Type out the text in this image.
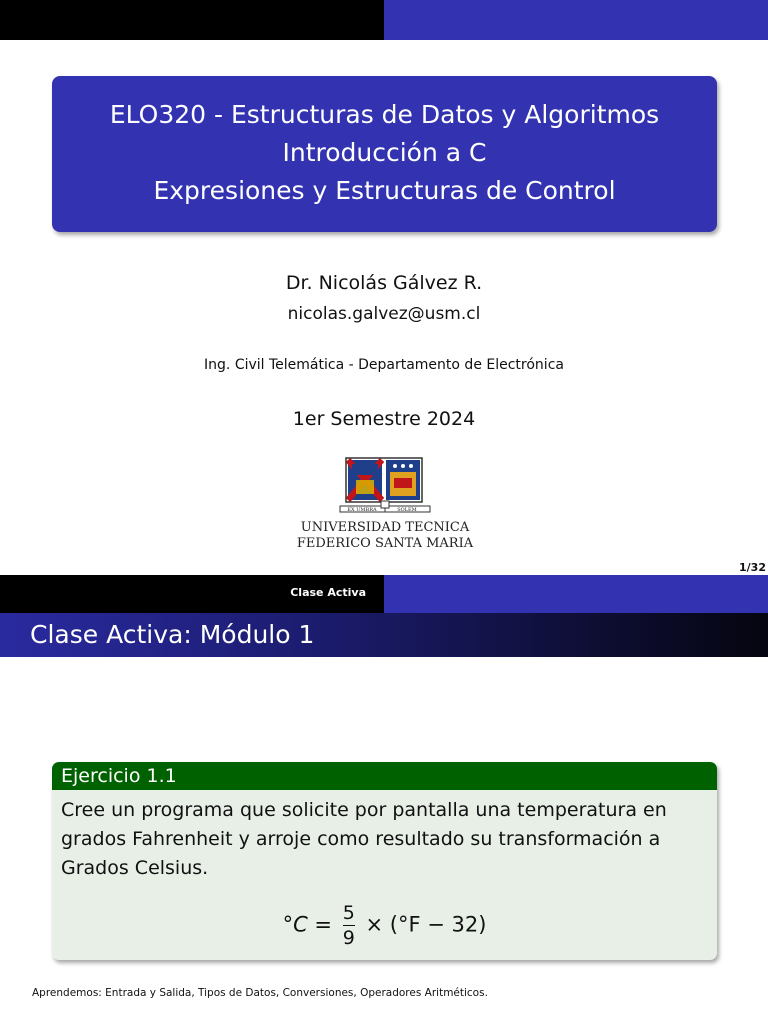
ELO320 - Estructuras de Datos y Algoritmos
Introducción a C
Expresiones y Estructuras de Control
Dr. Nicolás Gálvez R.
nicolas.galvez@usm.cl
Ing. Civil Telemática - Departamento de Electrónica
1er Semestre 2024
EX UMBRA	SOLEM
UNIVERSIDAD TECNICA
FEDERICO SANTA MARIA
1/32
Clase Activa
Clase Activa: Módulo 1
Ejercicio 1.1
Cree un programa que solicite por pantalla una temperatura en grados Fahrenheit y arroje como resultado su transformación a Grados Celsius.
$^\circ C = \frac{5}{9} \times (^\circ F - 32)$
Aprendemos: Entrada y Salida, Tipos de Datos, Conversiones, Operadores Aritméticos.
